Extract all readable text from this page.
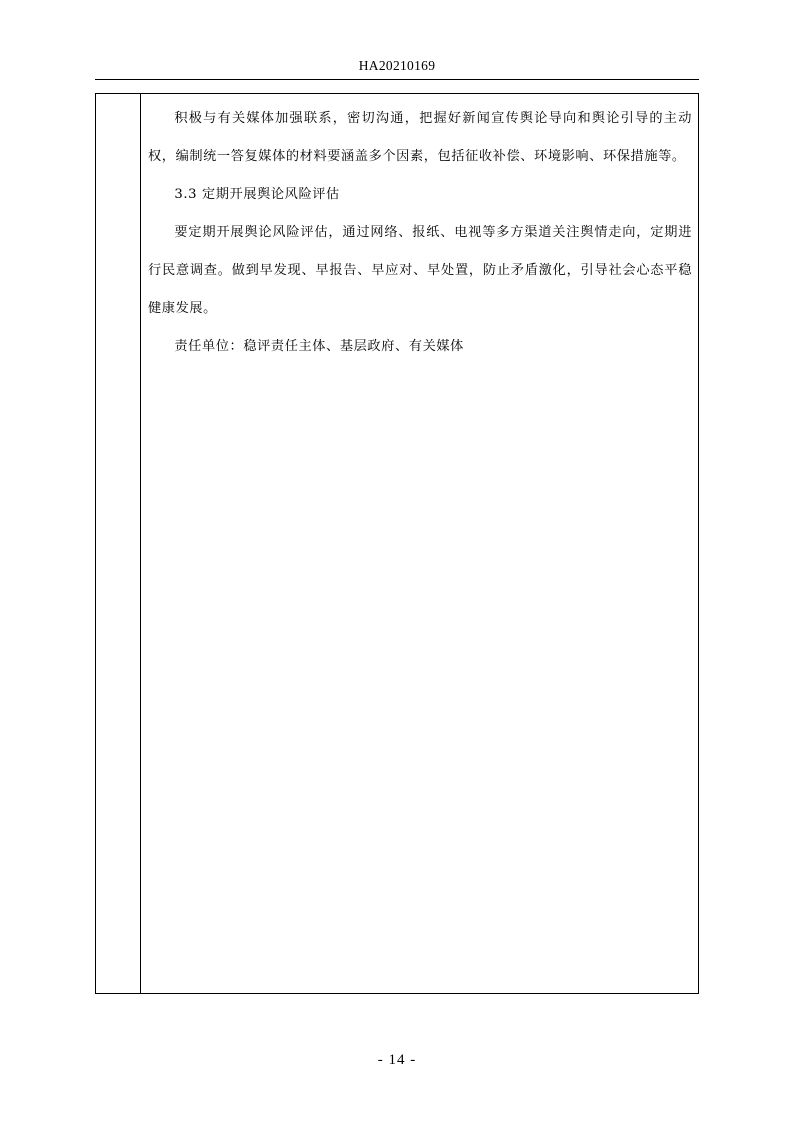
HA20210169

积极与有关媒体加强联系，密切沟通，把握好新闻宣传舆论导向和舆论引导的主动权，编制统一答复媒体的材料要涵盖多个因素，包括征收补偿、环境影响、环保措施等。

3.3 定期开展舆论风险评估

要定期开展舆论风险评估，通过网络、报纸、电视等多方渠道关注舆情走向，定期进行民意调查。做到早发现、早报告、早应对、早处置，防止矛盾激化，引导社会心态平稳健康发展。

责任单位：稳评责任主体、基层政府、有关媒体

- 14 -
